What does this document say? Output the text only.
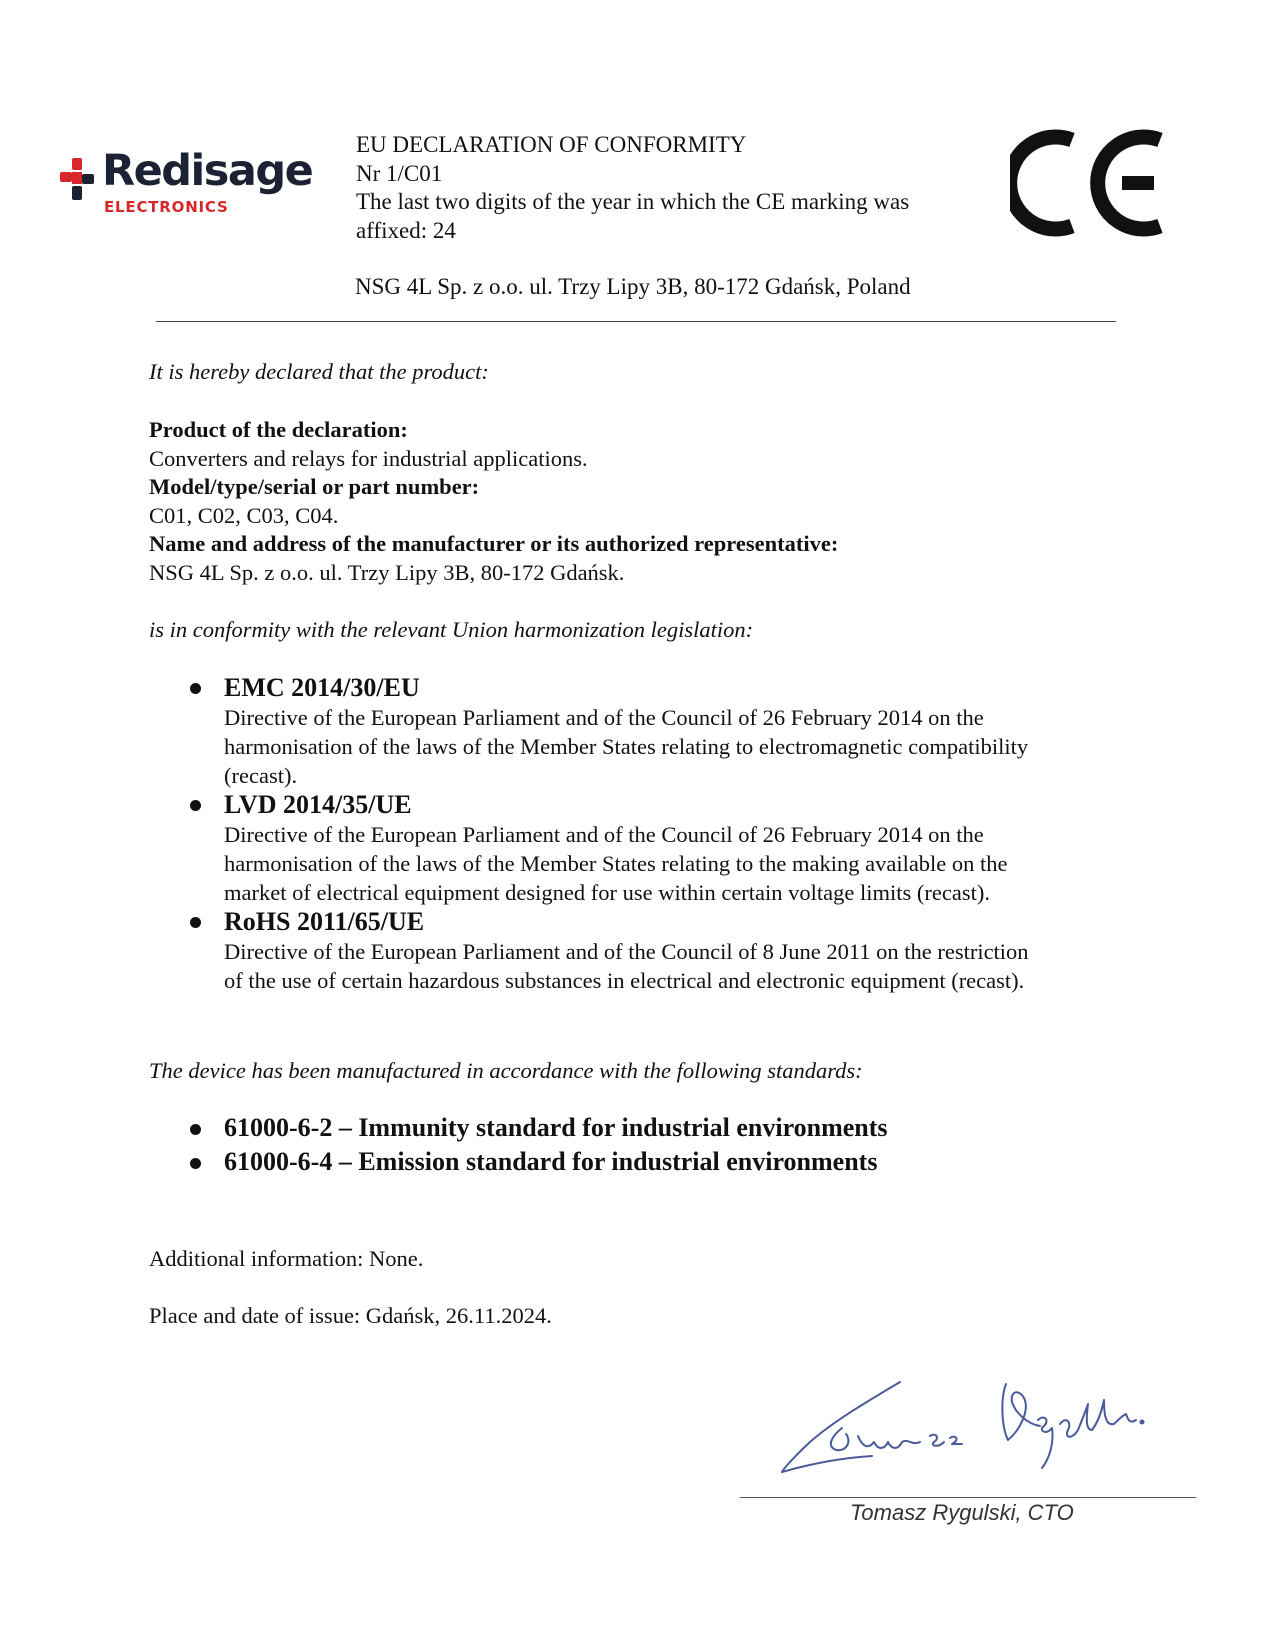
Redisage
ELECTRONICS
EU DECLARATION OF CONFORMITY
Nr 1/C01
The last two digits of the year in which the CE marking was
affixed: 24
NSG 4L Sp. z o.o. ul. Trzy Lipy 3B, 80-172 Gdańsk, Poland
It is hereby declared that the product:
Product of the declaration:
Converters and relays for industrial applications.
Model/type/serial or part number:
C01, C02, C03, C04.
Name and address of the manufacturer or its authorized representative:
NSG 4L Sp. z o.o. ul. Trzy Lipy 3B, 80-172 Gdańsk.
is in conformity with the relevant Union harmonization legislation:
EMC 2014/30/EU
Directive of the European Parliament and of the Council of 26 February 2014 on the
harmonisation of the laws of the Member States relating to electromagnetic compatibility
(recast).
LVD 2014/35/UE
Directive of the European Parliament and of the Council of 26 February 2014 on the
harmonisation of the laws of the Member States relating to the making available on the
market of electrical equipment designed for use within certain voltage limits (recast).
RoHS 2011/65/UE
Directive of the European Parliament and of the Council of 8 June 2011 on the restriction
of the use of certain hazardous substances in electrical and electronic equipment (recast).
The device has been manufactured in accordance with the following standards:
61000-6-2 – Immunity standard for industrial environments
61000-6-4 – Emission standard for industrial environments
Additional information: None.
Place and date of issue: Gdańsk, 26.11.2024.
Tomasz Rygulski, CTO
